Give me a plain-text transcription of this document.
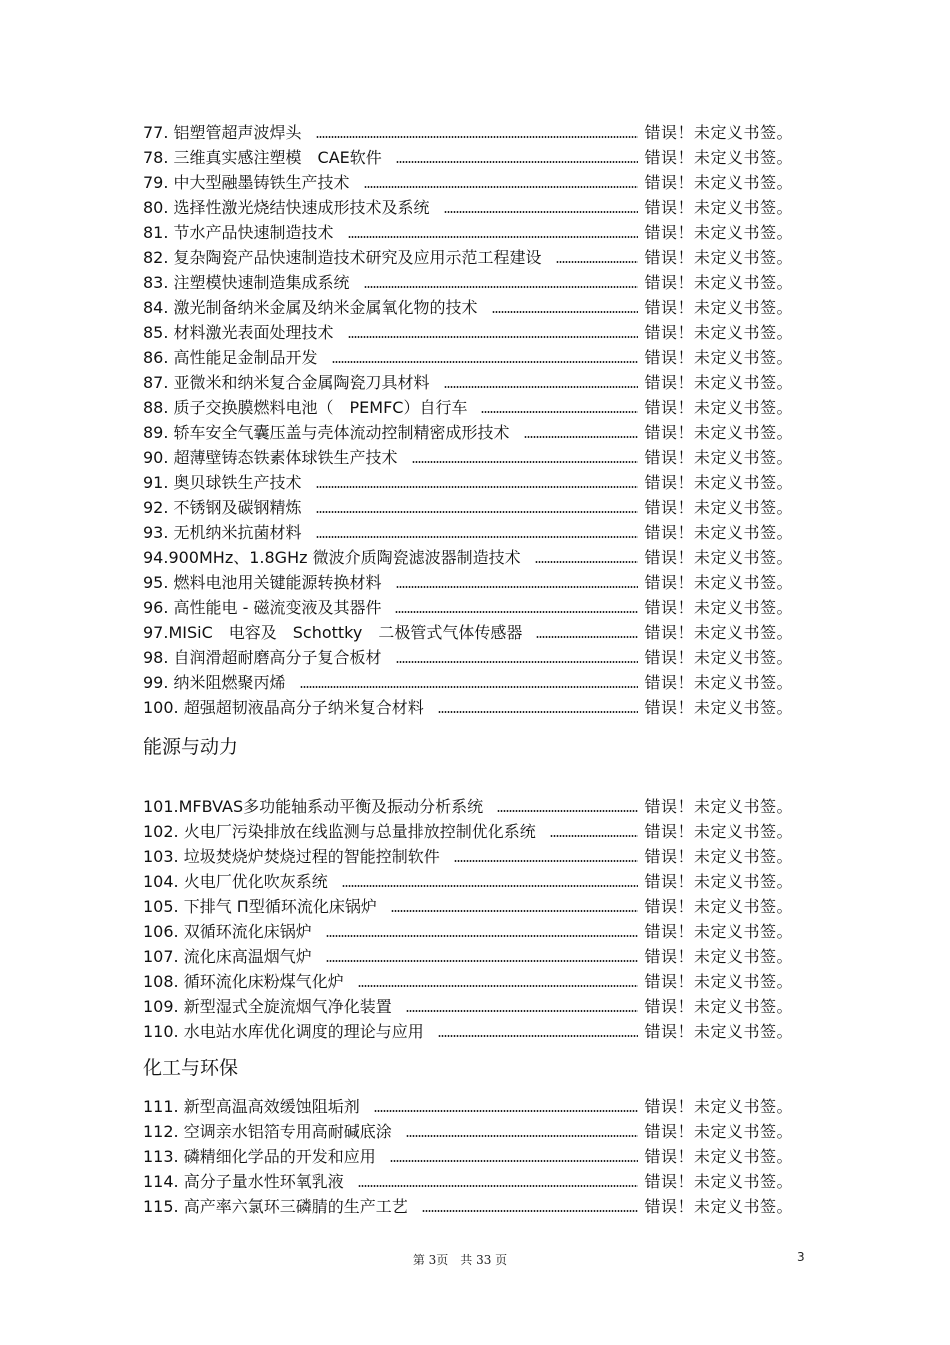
77. 铝塑管超声波焊头	错误！未定义书签。
78. 三维真实感注塑模　CAE软件	错误！未定义书签。
79. 中大型融墨铸铁生产技术	错误！未定义书签。
80. 选择性激光烧结快速成形技术及系统	错误！未定义书签。
81. 节水产品快速制造技术	错误！未定义书签。
82. 复杂陶瓷产品快速制造技术研究及应用示范工程建设	错误！未定义书签。
83. 注塑模快速制造集成系统	错误！未定义书签。
84. 激光制备纳米金属及纳米金属氧化物的技术	错误！未定义书签。
85. 材料激光表面处理技术	错误！未定义书签。
86. 高性能足金制品开发	错误！未定义书签。
87. 亚微米和纳米复合金属陶瓷刀具材料	错误！未定义书签。
88. 质子交换膜燃料电池（　PEMFC）自行车	错误！未定义书签。
89. 轿车安全气囊压盖与壳体流动控制精密成形技术	错误！未定义书签。
90. 超薄壁铸态铁素体球铁生产技术	错误！未定义书签。
91. 奥贝球铁生产技术	错误！未定义书签。
92. 不锈钢及碳钢精炼	错误！未定义书签。
93. 无机纳米抗菌材料	错误！未定义书签。
94.900MHz、1.8GHz 微波介质陶瓷滤波器制造技术	错误！未定义书签。
95. 燃料电池用关键能源转换材料	错误！未定义书签。
96. 高性能电 - 磁流变液及其器件	错误！未定义书签。
97.MISiC　电容及　Schottky　二极管式气体传感器	错误！未定义书签。
98. 自润滑超耐磨高分子复合板材	错误！未定义书签。
99. 纳米阻燃聚丙烯	错误！未定义书签。
100. 超强超韧液晶高分子纳米复合材料	错误！未定义书签。
能源与动力
101.MFBVAS多功能轴系动平衡及振动分析系统	错误！未定义书签。
102. 火电厂污染排放在线监测与总量排放控制优化系统	错误！未定义书签。
103. 垃圾焚烧炉焚烧过程的智能控制软件	错误！未定义书签。
104. 火电厂优化吹灰系统	错误！未定义书签。
105. 下排气 Π型循环流化床锅炉	错误！未定义书签。
106. 双循环流化床锅炉	错误！未定义书签。
107. 流化床高温烟气炉	错误！未定义书签。
108. 循环流化床粉煤气化炉	错误！未定义书签。
109. 新型湿式全旋流烟气净化装置	错误！未定义书签。
110. 水电站水库优化调度的理论与应用	错误！未定义书签。
化工与环保
111. 新型高温高效缓蚀阻垢剂	错误！未定义书签。
112. 空调亲水铝箔专用高耐碱底涂	错误！未定义书签。
113. 磷精细化学品的开发和应用	错误！未定义书签。
114. 高分子量水性环氧乳液	错误！未定义书签。
115. 高产率六氯环三磷腈的生产工艺	错误！未定义书签。
第 3页　共 33 页	3
